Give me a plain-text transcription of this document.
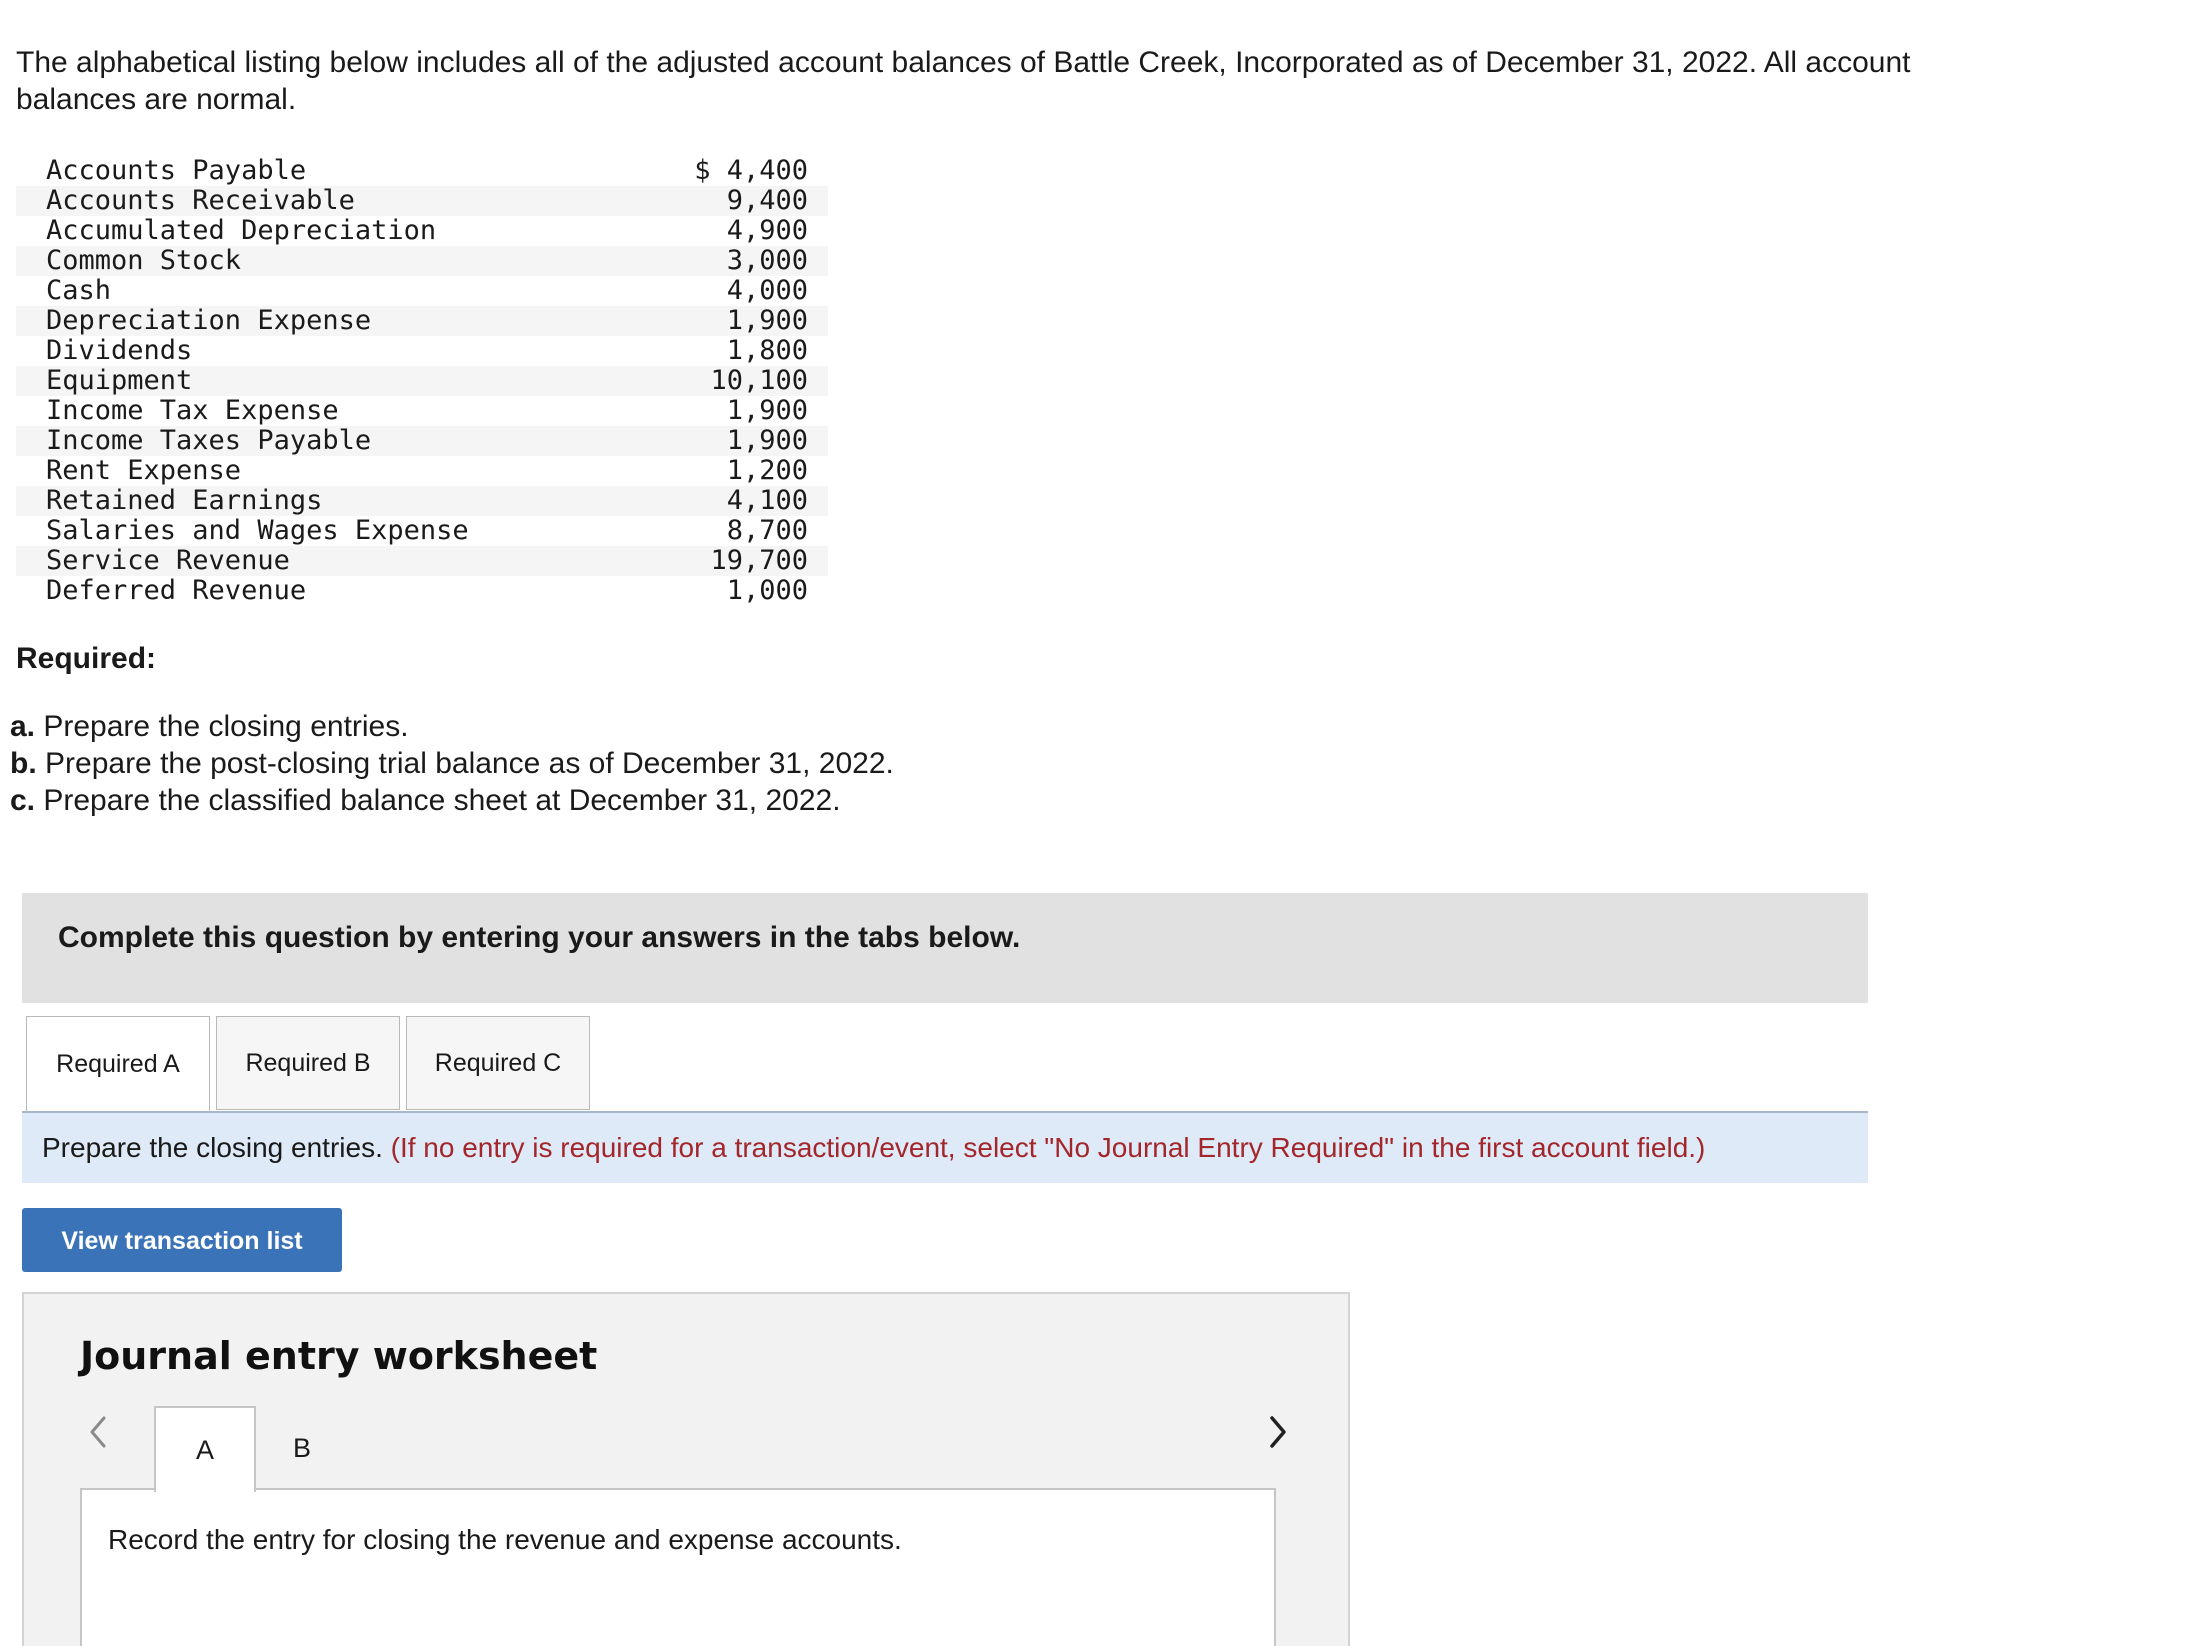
The alphabetical listing below includes all of the adjusted account balances of Battle Creek, Incorporated as of December 31, 2022. All account balances are normal.
Accounts Payable	$ 4,400
Accounts Receivable	9,400
Accumulated Depreciation	4,900
Common Stock	3,000
Cash	4,000
Depreciation Expense	1,900
Dividends	1,800
Equipment	10,100
Income Tax Expense	1,900
Income Taxes Payable	1,900
Rent Expense	1,200
Retained Earnings	4,100
Salaries and Wages Expense	8,700
Service Revenue	19,700
Deferred Revenue	1,000
Required:
a. Prepare the closing entries.
b. Prepare the post-closing trial balance as of December 31, 2022.
c. Prepare the classified balance sheet at December 31, 2022.
Complete this question by entering your answers in the tabs below.
Required A	Required B	Required C
Prepare the closing entries. (If no entry is required for a transaction/event, select "No Journal Entry Required" in the first account field.)
View transaction list
Journal entry worksheet
A	B
Record the entry for closing the revenue and expense accounts.
